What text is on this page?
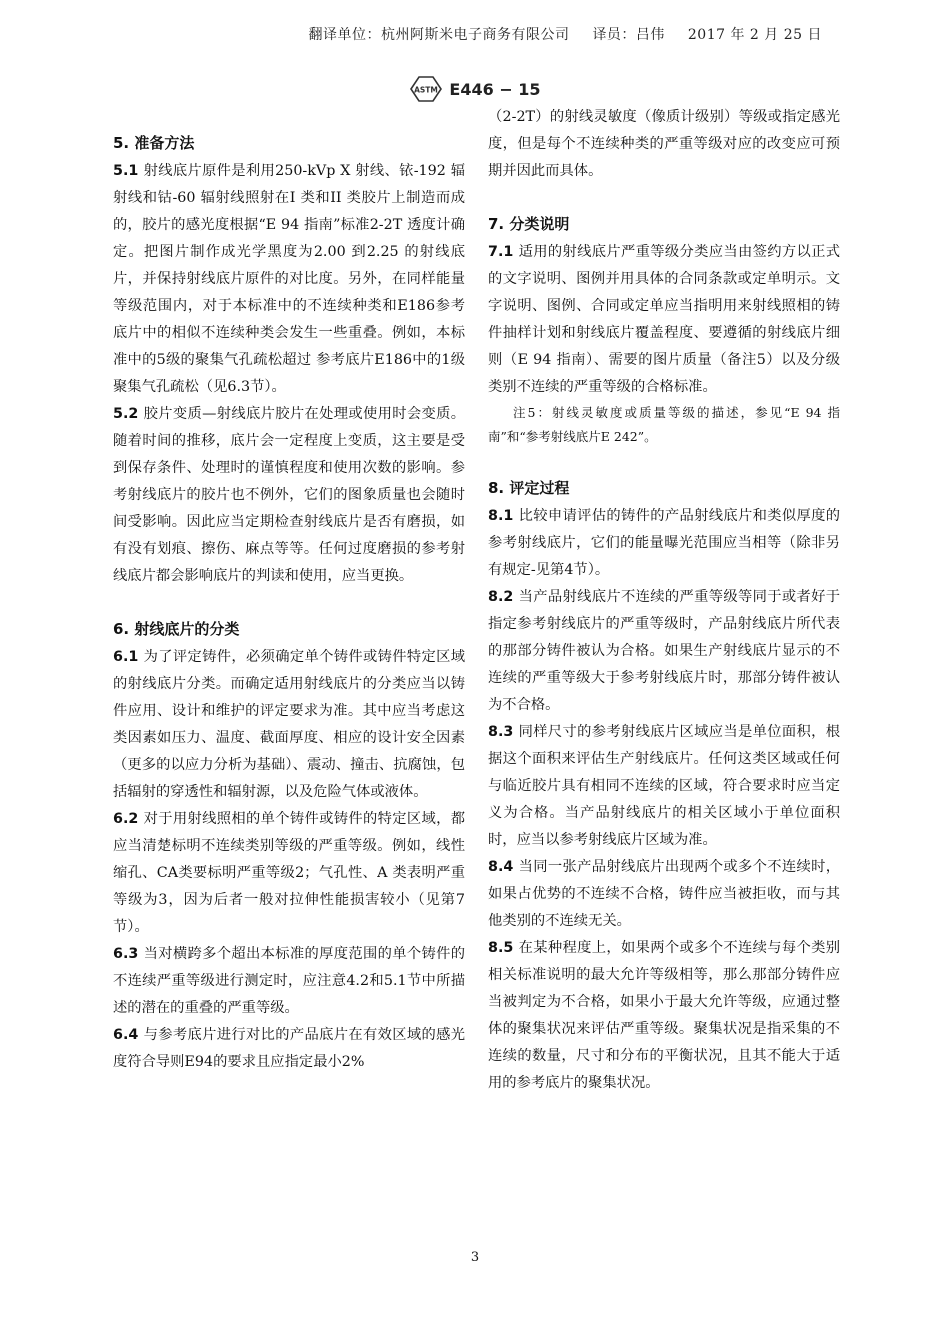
翻译单位：杭州阿斯米电子商务有限公司 译员：吕伟 2017 年 2 月 25 日
ASTM E446 − 15
5. 准备方法

5.1 射线底片原件是利用250-kVp X 射线、铱-192 辐射线和钴-60 辐射线照射在I 类和II 类胶片上制造而成的，胶片的感光度根据“E 94 指南”标准2-2T 透度计确定。把图片制作成光学黑度为2.00 到2.25 的射线底片，并保持射线底片原件的对比度。另外，在同样能量等级范围内，对于本标准中的不连续种类和E186参考底片中的相似不连续种类会发生一些重叠。例如，本标准中的5级的聚集气孔疏松超过 参考底片E186中的1级聚集气孔疏松（见6.3节）。

5.2 胶片变质—射线底片胶片在处理或使用时会变质。随着时间的推移，底片会一定程度上变质，这主要是受到保存条件、处理时的谨慎程度和使用次数的影响。参考射线底片的胶片也不例外，它们的图象质量也会随时间受影响。因此应当定期检查射线底片是否有磨损，如有没有划痕、擦伤、麻点等等。任何过度磨损的参考射线底片都会影响底片的判读和使用，应当更换。

6. 射线底片的分类

6.1 为了评定铸件，必须确定单个铸件或铸件特定区域的射线底片分类。而确定适用射线底片的分类应当以铸件应用、设计和维护的评定要求为准。其中应当考虑这类因素如压力、温度、截面厚度、相应的设计安全因素（更多的以应力分析为基础）、震动、撞击、抗腐蚀，包括辐射的穿透性和辐射源，以及危险气体或液体。

6.2 对于用射线照相的单个铸件或铸件的特定区域，都应当清楚标明不连续类别等级的严重等级。例如，线性缩孔、CA类要标明严重等级2；气孔性、A 类表明严重等级为3，因为后者一般对拉伸性能损害较小（见第7节）。

6.3 当对横跨多个超出本标准的厚度范围的单个铸件的不连续严重等级进行测定时，应注意4.2和5.1节中所描述的潜在的重叠的严重等级。

6.4 与参考底片进行对比的产品底片在有效区域的感光度符合导则E94的要求且应指定最小2%

（2-2T）的射线灵敏度（像质计级别）等级或指定感光度，但是每个不连续种类的严重等级对应的改变应可预期并因此而具体。

7. 分类说明

7.1 适用的射线底片严重等级分类应当由签约方以正式的文字说明、图例并用具体的合同条款或定单明示。文字说明、图例、合同或定单应当指明用来射线照相的铸件抽样计划和射线底片覆盖程度、要遵循的射线底片细则（E 94 指南）、需要的图片质量（备注5）以及分级类别不连续的严重等级的合格标准。

注5：射线灵敏度或质量等级的描述，参见“E 94 指南”和“参考射线底片E 242”。

8. 评定过程

8.1 比较申请评估的铸件的产品射线底片和类似厚度的参考射线底片，它们的能量曝光范围应当相等（除非另有规定-见第4节）。

8.2 当产品射线底片不连续的严重等级等同于或者好于指定参考射线底片的严重等级时，产品射线底片所代表的那部分铸件被认为合格。如果生产射线底片显示的不连续的严重等级大于参考射线底片时，那部分铸件被认为不合格。

8.3 同样尺寸的参考射线底片区域应当是单位面积，根据这个面积来评估生产射线底片。任何这类区域或任何与临近胶片具有相同不连续的区域，符合要求时应当定义为合格。当产品射线底片的相关区域小于单位面积时，应当以参考射线底片区域为准。

8.4 当同一张产品射线底片出现两个或多个不连续时，如果占优势的不连续不合格，铸件应当被拒收，而与其他类别的不连续无关。

8.5 在某种程度上，如果两个或多个不连续与每个类别相关标准说明的最大允许等级相等，那么那部分铸件应当被判定为不合格，如果小于最大允许等级，应通过整体的聚集状况来评估严重等级。聚集状况是指采集的不连续的数量，尺寸和分布的平衡状况，且其不能大于适用的参考底片的聚集状况。

3
